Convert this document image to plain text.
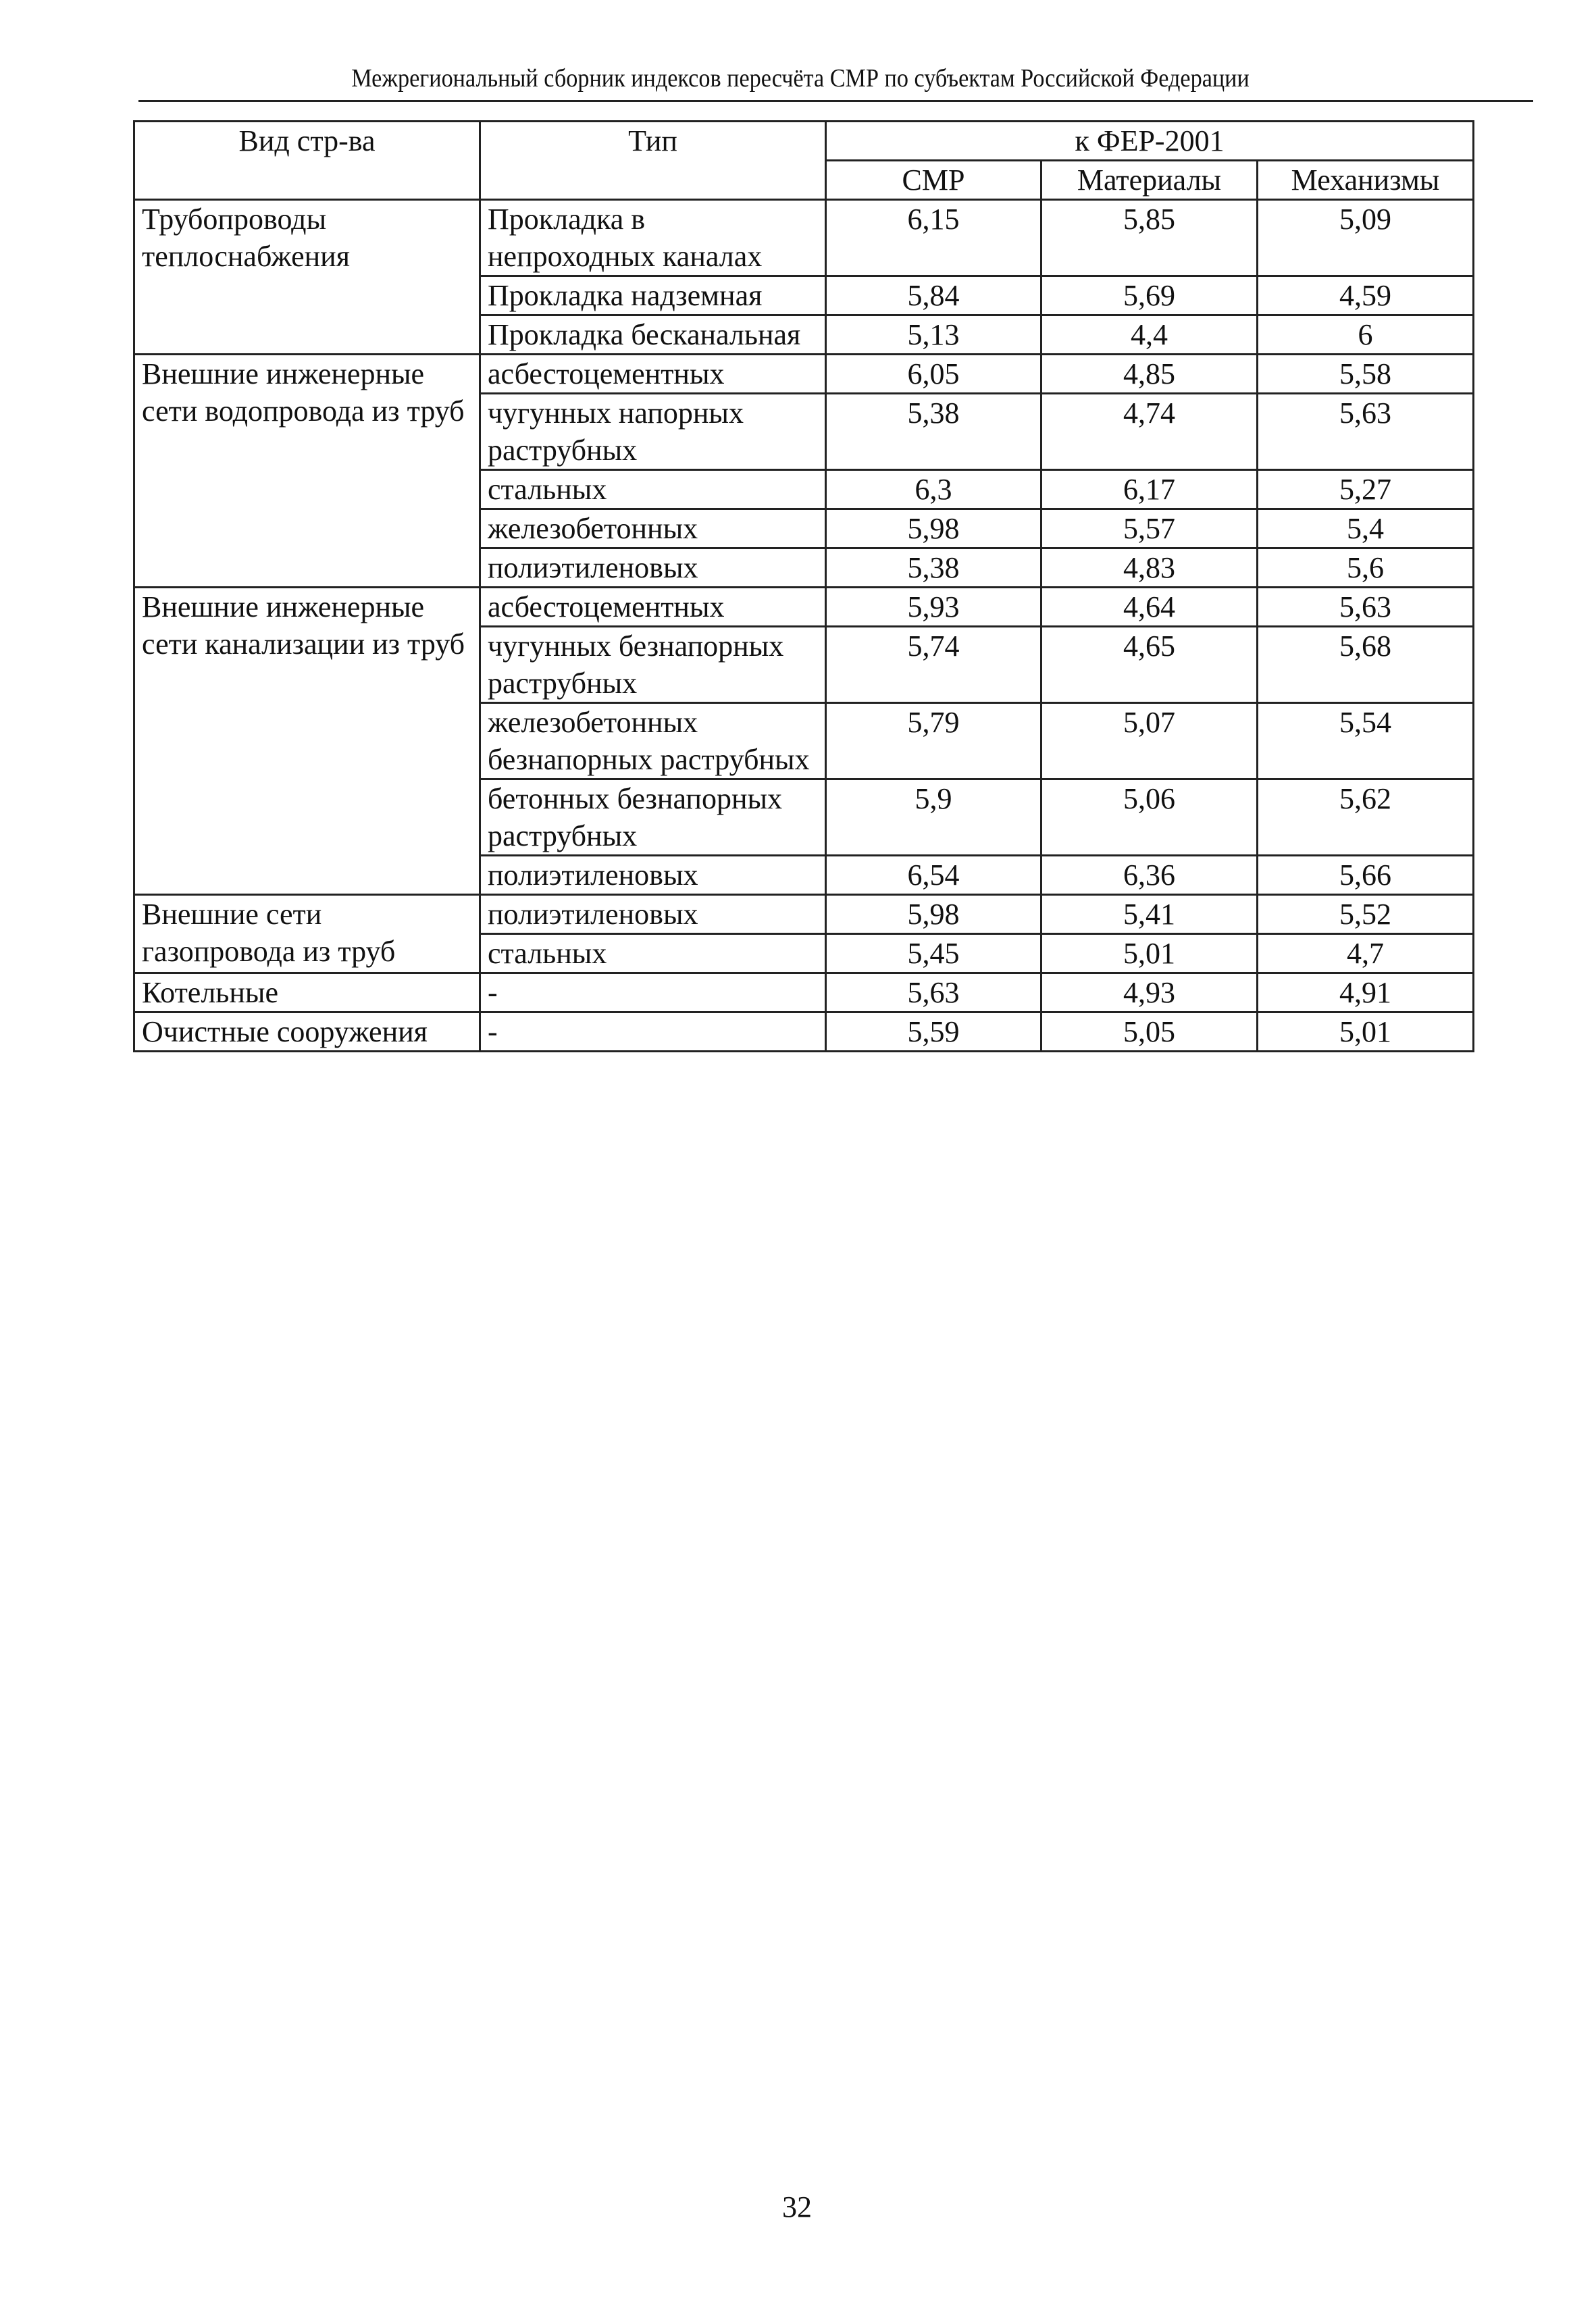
Межрегиональный сборник индексов пересчёта СМР по субъектам Российской Федерации
Вид стр-ва	Тип	к ФЕР-2001		
		СМР	Материалы	Механизмы
Трубопроводы теплоснабжения	Прокладка в непроходных каналах	6,15	5,85	5,09
	Прокладка надземная	5,84	5,69	4,59
	Прокладка бесканальная	5,13	4,4	6
Внешние инженерные сети водопровода из труб	асбестоцементных	6,05	4,85	5,58
	чугунных напорных раструбных	5,38	4,74	5,63
	стальных	6,3	6,17	5,27
	железобетонных	5,98	5,57	5,4
	полиэтиленовых	5,38	4,83	5,6
Внешние инженерные сети канализации из труб	асбестоцементных	5,93	4,64	5,63
	чугунных безнапорных раструбных	5,74	4,65	5,68
	железобетонных безнапорных раструбных	5,79	5,07	5,54
	бетонных безнапорных раструбных	5,9	5,06	5,62
	полиэтиленовых	6,54	6,36	5,66
Внешние сети газопровода из труб	полиэтиленовых	5,98	5,41	5,52
	стальных	5,45	5,01	4,7
Котельные	-	5,63	4,93	4,91
Очистные сооружения	-	5,59	5,05	5,01
32
